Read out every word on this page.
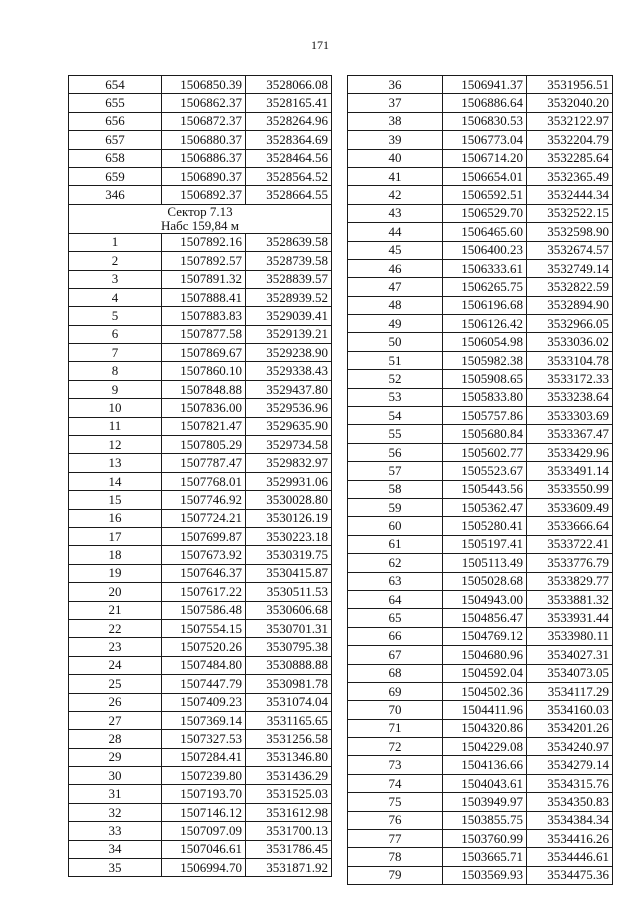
171
654	1506850.39	3528066.08
655	1506862.37	3528165.41
656	1506872.37	3528264.96
657	1506880.37	3528364.69
658	1506886.37	3528464.56
659	1506890.37	3528564.52
346	1506892.37	3528664.55

Сектор 7.13
Набс 159,84 м		

1	1507892.16	3528639.58
2	1507892.57	3528739.58
3	1507891.32	3528839.57
4	1507888.41	3528939.52
5	1507883.83	3529039.41
6	1507877.58	3529139.21
7	1507869.67	3529238.90
8	1507860.10	3529338.43
9	1507848.88	3529437.80
10	1507836.00	3529536.96
11	1507821.47	3529635.90
12	1507805.29	3529734.58
13	1507787.47	3529832.97
14	1507768.01	3529931.06
15	1507746.92	3530028.80
16	1507724.21	3530126.19
17	1507699.87	3530223.18
18	1507673.92	3530319.75
19	1507646.37	3530415.87
20	1507617.22	3530511.53
21	1507586.48	3530606.68
22	1507554.15	3530701.31
23	1507520.26	3530795.38
24	1507484.80	3530888.88
25	1507447.79	3530981.78
26	1507409.23	3531074.04
27	1507369.14	3531165.65
28	1507327.53	3531256.58
29	1507284.41	3531346.80
30	1507239.80	3531436.29
31	1507193.70	3531525.03
32	1507146.12	3531612.98
33	1507097.09	3531700.13
34	1507046.61	3531786.45
35	1506994.70	3531871.92
36	1506941.37	3531956.51
37	1506886.64	3532040.20
38	1506830.53	3532122.97
39	1506773.04	3532204.79
40	1506714.20	3532285.64
41	1506654.01	3532365.49
42	1506592.51	3532444.34
43	1506529.70	3532522.15
44	1506465.60	3532598.90
45	1506400.23	3532674.57
46	1506333.61	3532749.14
47	1506265.75	3532822.59
48	1506196.68	3532894.90
49	1506126.42	3532966.05
50	1506054.98	3533036.02
51	1505982.38	3533104.78
52	1505908.65	3533172.33
53	1505833.80	3533238.64
54	1505757.86	3533303.69
55	1505680.84	3533367.47
56	1505602.77	3533429.96
57	1505523.67	3533491.14
58	1505443.56	3533550.99
59	1505362.47	3533609.49
60	1505280.41	3533666.64
61	1505197.41	3533722.41
62	1505113.49	3533776.79
63	1505028.68	3533829.77
64	1504943.00	3533881.32
65	1504856.47	3533931.44
66	1504769.12	3533980.11
67	1504680.96	3534027.31
68	1504592.04	3534073.05
69	1504502.36	3534117.29
70	1504411.96	3534160.03
71	1504320.86	3534201.26
72	1504229.08	3534240.97
73	1504136.66	3534279.14
74	1504043.61	3534315.76
75	1503949.97	3534350.83
76	1503855.75	3534384.34
77	1503760.99	3534416.26
78	1503665.71	3534446.61
79	1503569.93	3534475.36
